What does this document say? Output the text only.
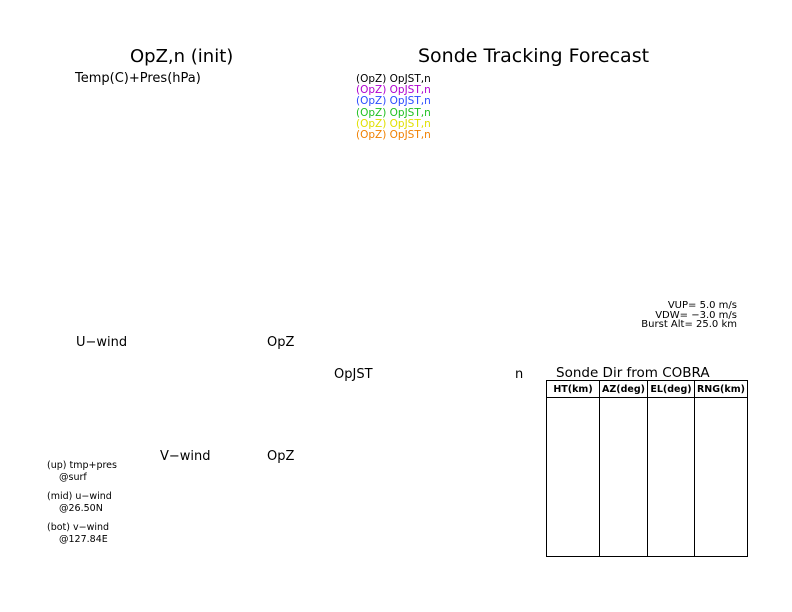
OpZ,n (init)
Temp(C)+Pres(hPa)
Sonde Tracking Forecast
(OpZ) OpJST,n
(OpZ) OpJST,n
(OpZ) OpJST,n
(OpZ) OpJST,n
(OpZ) OpJST,n
(OpZ) OpJST,n
VUP= 5.0 m/s
VDW= −3.0 m/s
Burst Alt= 25.0 km
U−wind	OpZ
OpJST	n
V−wind	OpZ
(up) tmp+pres
@surf
(mid) u−wind
@26.50N
(bot) v−wind
@127.84E
Sonde Dir from COBRA
HT(km)	AZ(deg)	EL(deg)	RNG(km)
